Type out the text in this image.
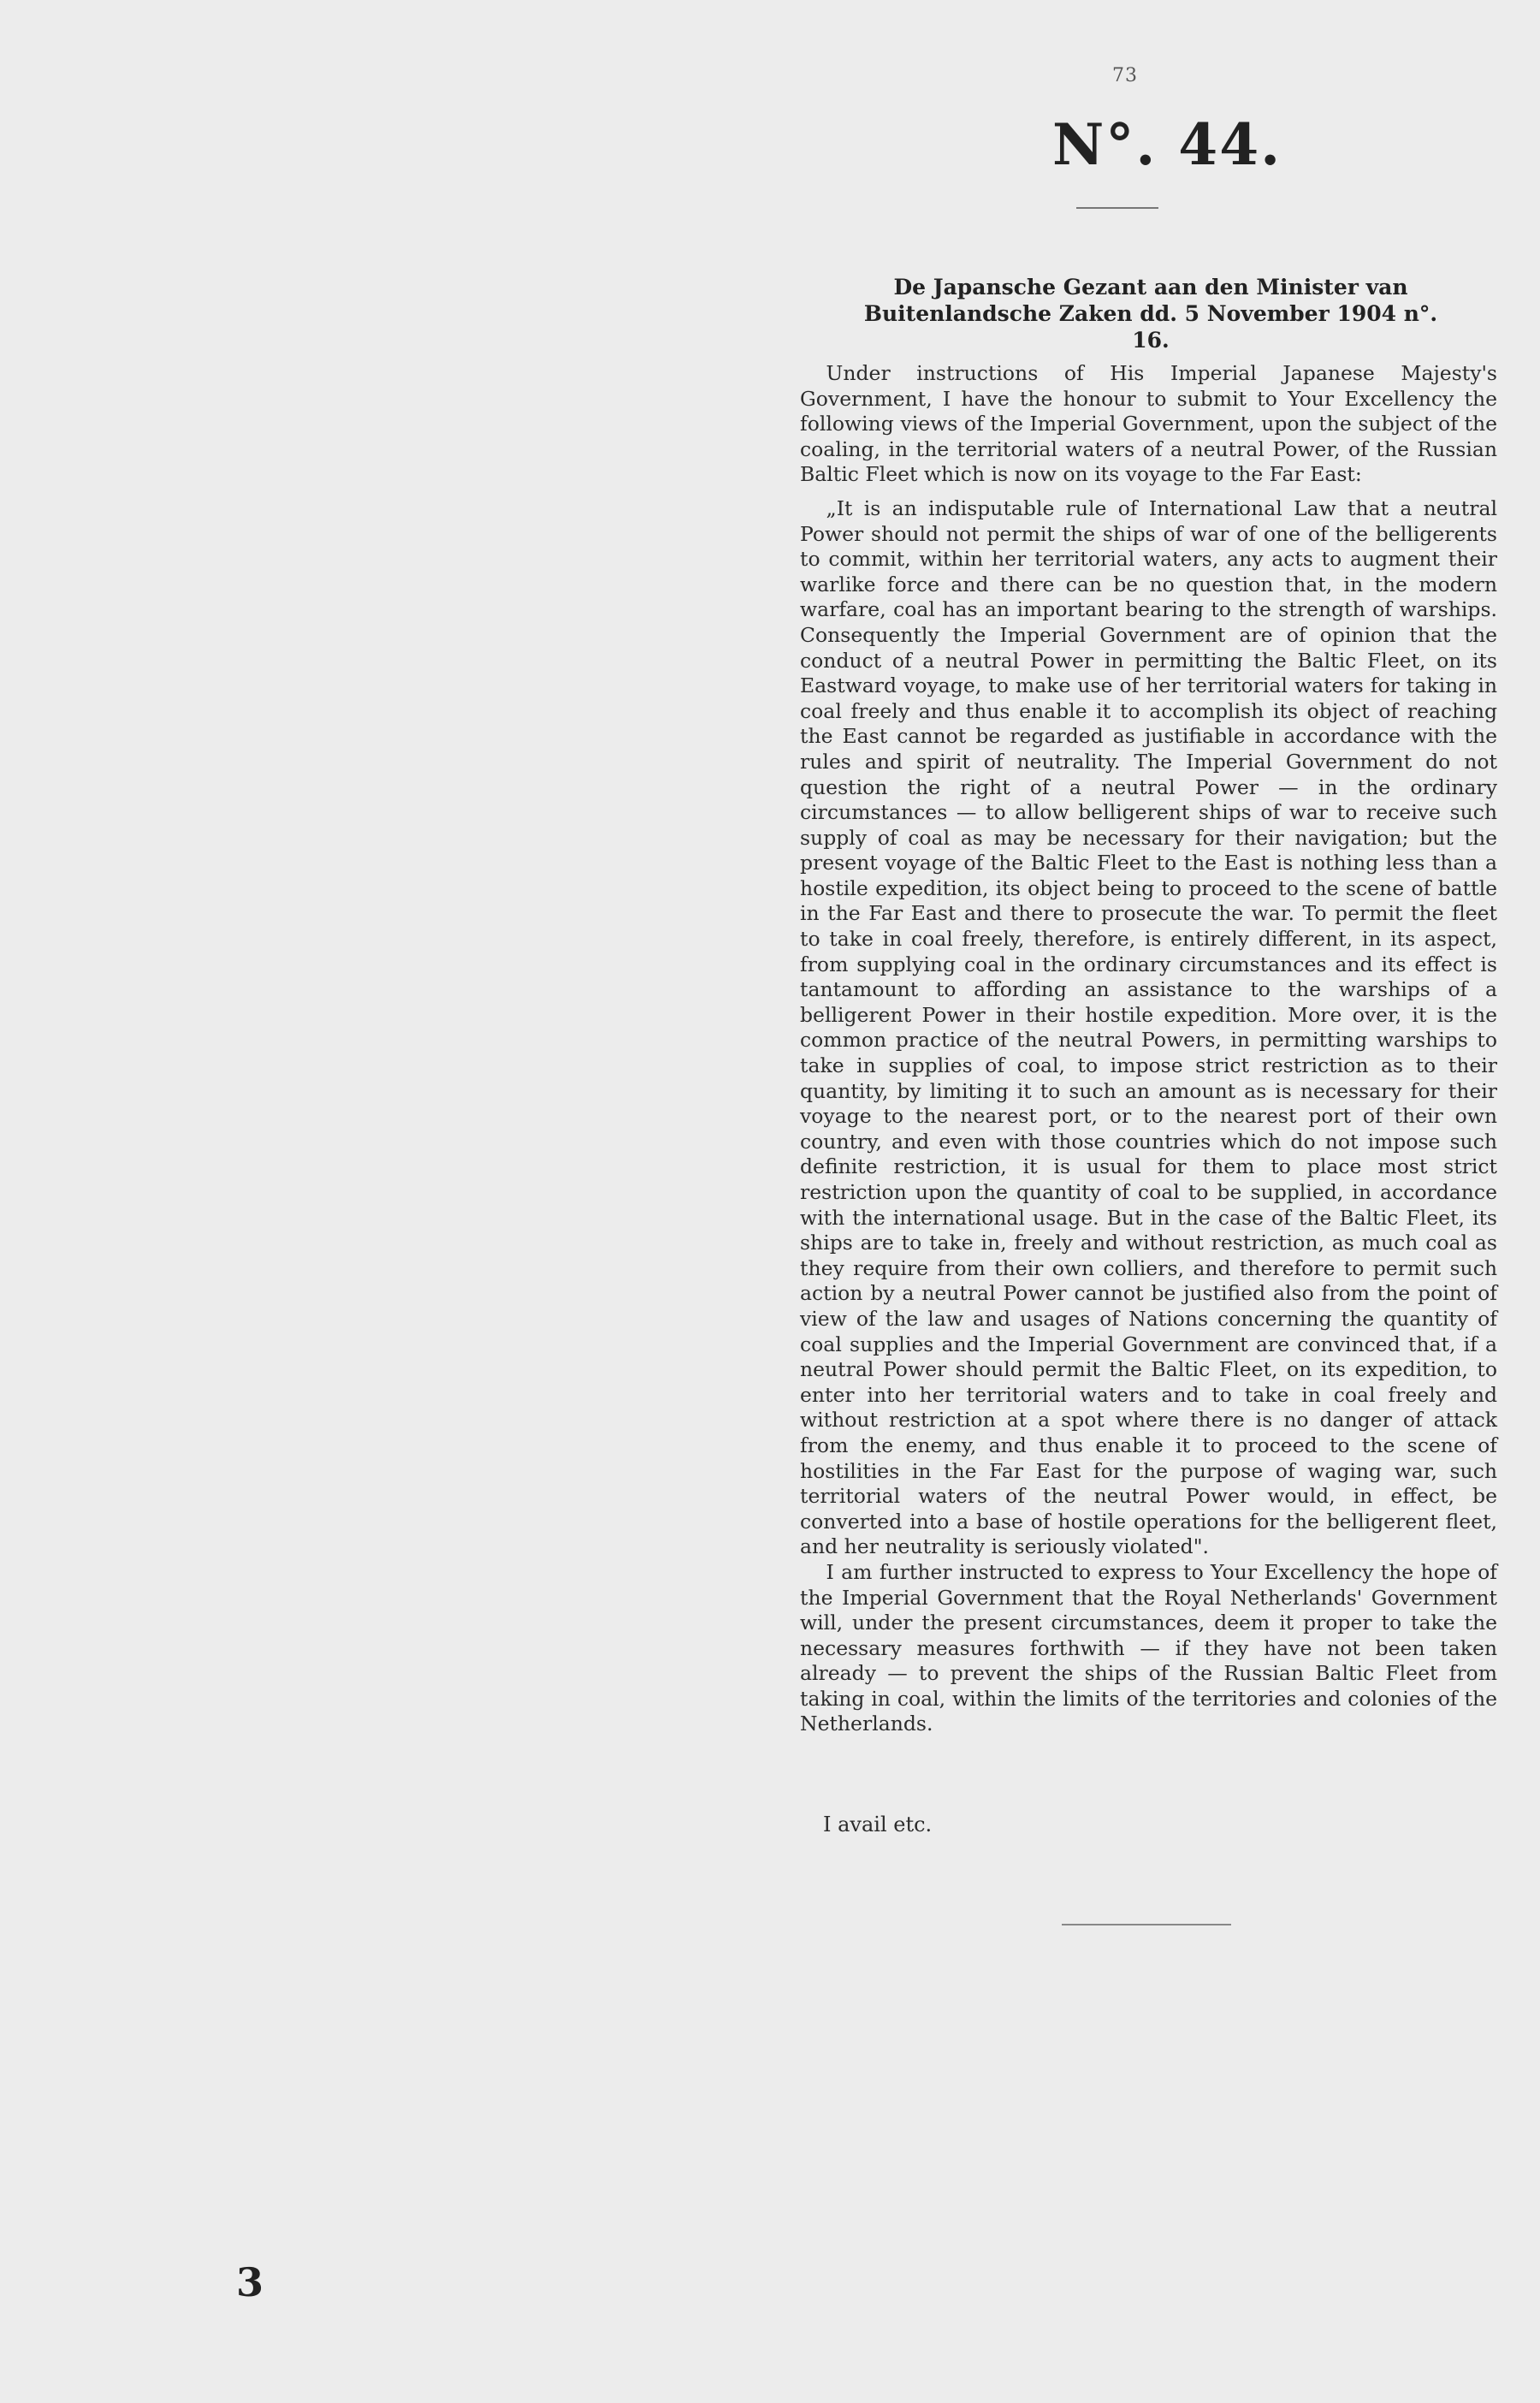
73
N°. 44.
De Japansche Gezant aan den Minister van Buitenlandsche Zaken dd. 5 November 1904 n°. 16.

Under instructions of His Imperial Japanese Majesty's Government, I have the honour to submit to Your Excellency the following views of the Imperial Government, upon the subject of the coaling, in the territorial waters of a neutral Power, of the Russian Baltic Fleet which is now on its voyage to the Far East:

„It is an indisputable rule of International Law that a neutral Power should not permit the ships of war of one of the belligerents to commit, within her territorial waters, any acts to augment their warlike force and there can be no question that, in the modern warfare, coal has an important bearing to the strength of warships. Consequently the Imperial Government are of opinion that the conduct of a neutral Power in permitting the Baltic Fleet, on its Eastward voyage, to make use of her territorial waters for taking in coal freely and thus enable it to accomplish its object of reaching the East cannot be regarded as justifiable in accordance with the rules and spirit of neutrality. The Imperial Government do not question the right of a neutral Power — in the ordinary circumstances — to allow belligerent ships of war to receive such supply of coal as may be necessary for their navigation; but the present voyage of the Baltic Fleet to the East is nothing less than a hostile expedition, its object being to proceed to the scene of battle in the Far East and there to prosecute the war. To permit the fleet to take in coal freely, therefore, is entirely different, in its aspect, from supplying coal in the ordinary circumstances and its effect is tantamount to affording an assistance to the warships of a belligerent Power in their hostile expedition. More over, it is the common practice of the neutral Powers, in permitting warships to take in supplies of coal, to impose strict restriction as to their quantity, by limiting it to such an amount as is necessary for their voyage to the nearest port, or to the nearest port of their own country, and even with those countries which do not impose such definite restriction, it is usual for them to place most strict restriction upon the quantity of coal to be supplied, in accordance with the international usage. But in the case of the Baltic Fleet, its ships are to take in, freely and without restriction, as much coal as they require from their own colliers, and therefore to permit such action by a neutral Power cannot be justified also from the point of view of the law and usages of Nations concerning the quantity of coal supplies and the Imperial Government are convinced that, if a neutral Power should permit the Baltic Fleet, on its expedition, to enter into her territorial waters and to take in coal freely and without restriction at a spot where there is no danger of attack from the enemy, and thus enable it to proceed to the scene of hostilities in the Far East for the purpose of waging war, such territorial waters of the neutral Power would, in effect, be converted into a base of hostile operations for the belligerent fleet, and her neutrality is seriously violated".

I am further instructed to express to Your Excellency the hope of the Imperial Government that the Royal Netherlands' Government will, under the present circumstances, deem it proper to take the necessary measures forthwith — if they have not been taken already — to prevent the ships of the Russian Baltic Fleet from taking in coal, within the limits of the territories and colonies of the Netherlands.

I avail etc.
3
